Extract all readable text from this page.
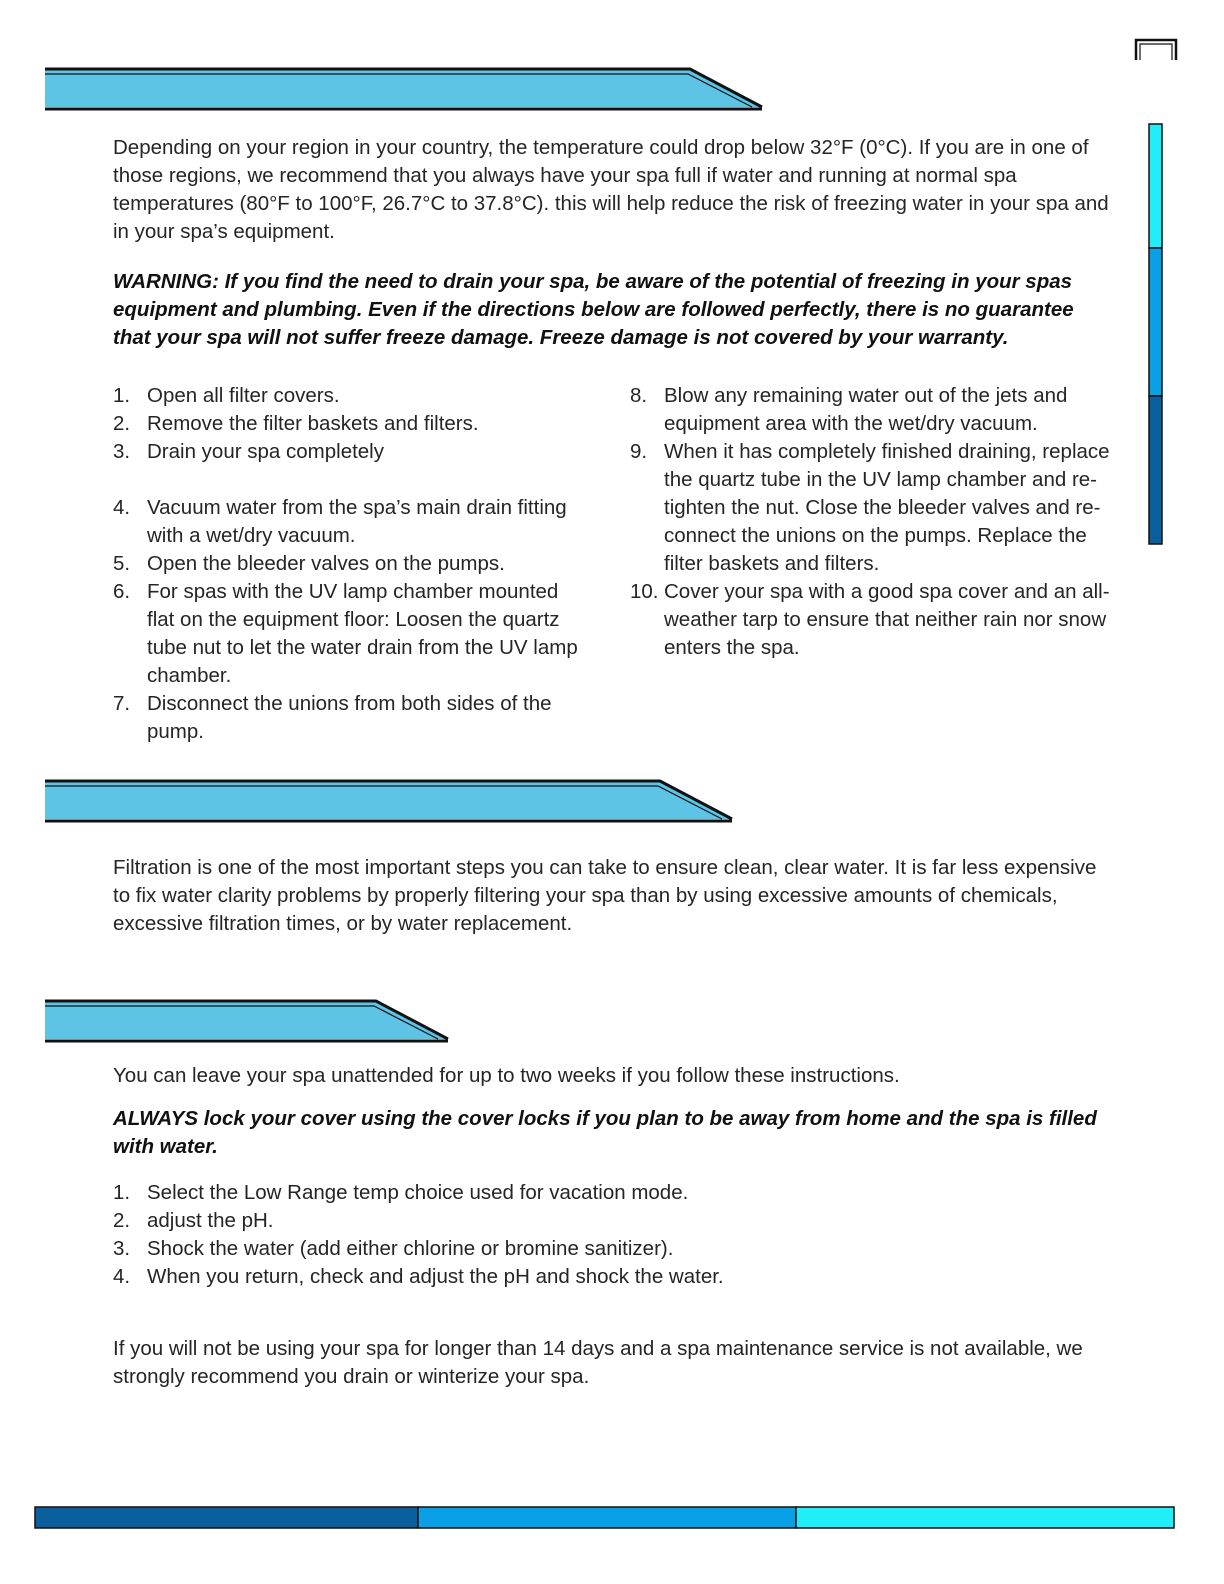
Depending on your region in your country, the temperature could drop below 32°F (0°C). If you are in one of those regions, we recommend that you always have your spa full if water and running at normal spa temperatures (80°F to 100°F, 26.7°C to 37.8°C). this will help reduce the risk of freezing water in your spa and in your spa’s equipment.

WARNING: If you find the need to drain your spa, be aware of the potential of freezing in your spas equipment and plumbing. Even if the directions below are followed perfectly, there is no guarantee that your spa will not suffer freeze damage. Freeze damage is not covered by your warranty.

1. Open all filter covers.
2. Remove the filter baskets and filters.
3. Drain your spa completely
4. Vacuum water from the spa’s main drain fitting with a wet/dry vacuum.
5. Open the bleeder valves on the pumps.
6. For spas with the UV lamp chamber mounted flat on the equipment floor: Loosen the quartz tube nut to let the water drain from the UV lamp chamber.
7. Disconnect the unions from both sides of the pump.
8. Blow any remaining water out of the jets and equipment area with the wet/dry vacuum.
9. When it has completely finished draining, replace the quartz tube in the UV lamp chamber and re-tighten the nut. Close the bleeder valves and re-connect the unions on the pumps. Replace the filter baskets and filters.
10. Cover your spa with a good spa cover and an all-weather tarp to ensure that neither rain nor snow enters the spa.

Filtration is one of the most important steps you can take to ensure clean, clear water. It is far less expensive to fix water clarity problems by properly filtering your spa than by using excessive amounts of chemicals, excessive filtration times, or by water replacement.

You can leave your spa unattended for up to two weeks if you follow these instructions.

ALWAYS lock your cover using the cover locks if you plan to be away from home and the spa is filled with water.

1. Select the Low Range temp choice used for vacation mode.
2. adjust the pH.
3. Shock the water (add either chlorine or bromine sanitizer).
4. When you return, check and adjust the pH and shock the water.

If you will not be using your spa for longer than 14 days and a spa maintenance service is not available, we strongly recommend you drain or winterize your spa.
